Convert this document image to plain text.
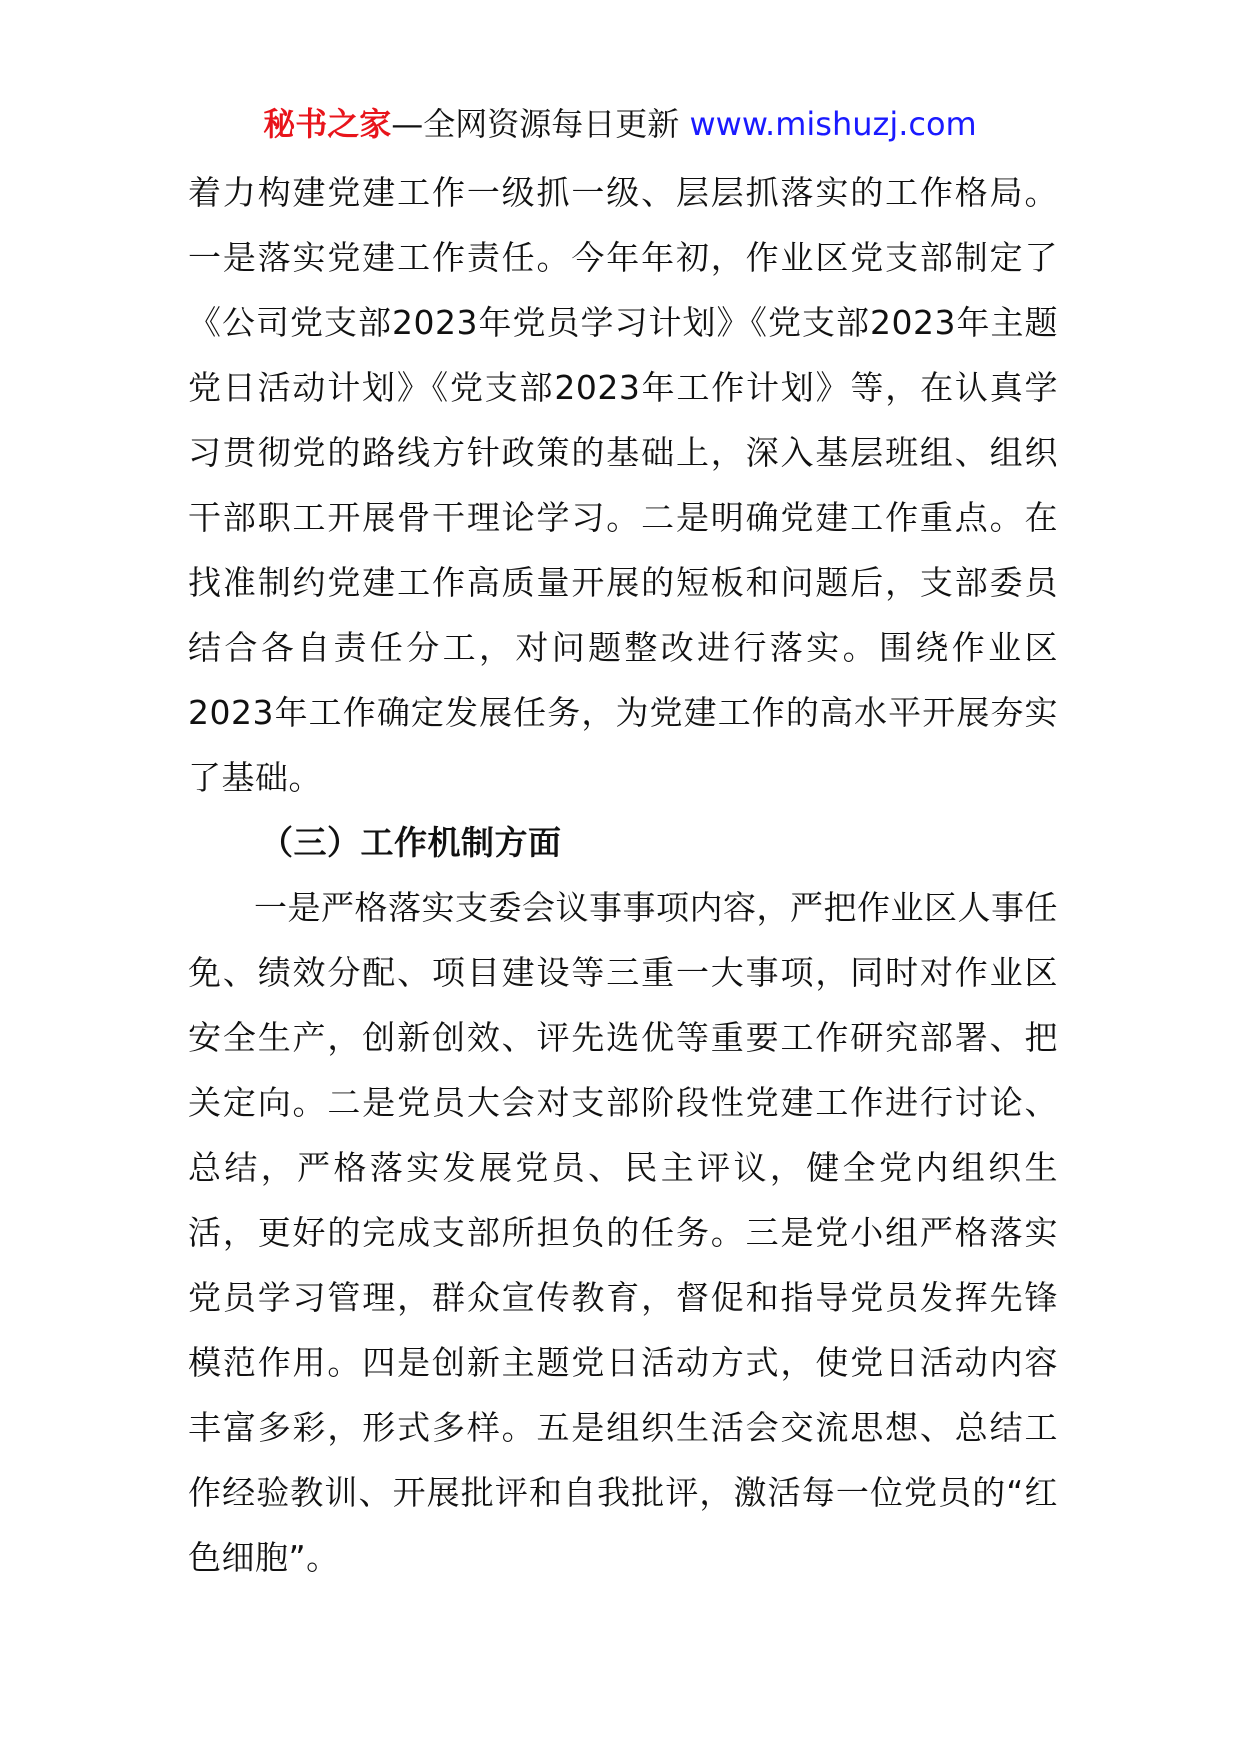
秘书之家—全网资源每日更新 www.mishuzj.com

着力构建党建工作一级抓一级、层层抓落实的工作格局。一是落实党建工作责任。今年年初，作业区党支部制定了《公司党支部2023年党员学习计划》《党支部2023年主题党日活动计划》《党支部2023年工作计划》等，在认真学习贯彻党的路线方针政策的基础上，深入基层班组、组织干部职工开展骨干理论学习。二是明确党建工作重点。在找准制约党建工作高质量开展的短板和问题后，支部委员结合各自责任分工，对问题整改进行落实。围绕作业区2023年工作确定发展任务，为党建工作的高水平开展夯实了基础。

（三）工作机制方面

一是严格落实支委会议事事项内容，严把作业区人事任免、绩效分配、项目建设等三重一大事项，同时对作业区安全生产，创新创效、评先选优等重要工作研究部署、把关定向。二是党员大会对支部阶段性党建工作进行讨论、总结，严格落实发展党员、民主评议，健全党内组织生活，更好的完成支部所担负的任务。三是党小组严格落实党员学习管理，群众宣传教育，督促和指导党员发挥先锋模范作用。四是创新主题党日活动方式，使党日活动内容丰富多彩，形式多样。五是组织生活会交流思想、总结工作经验教训、开展批评和自我批评，激活每一位党员的“红色细胞”。
